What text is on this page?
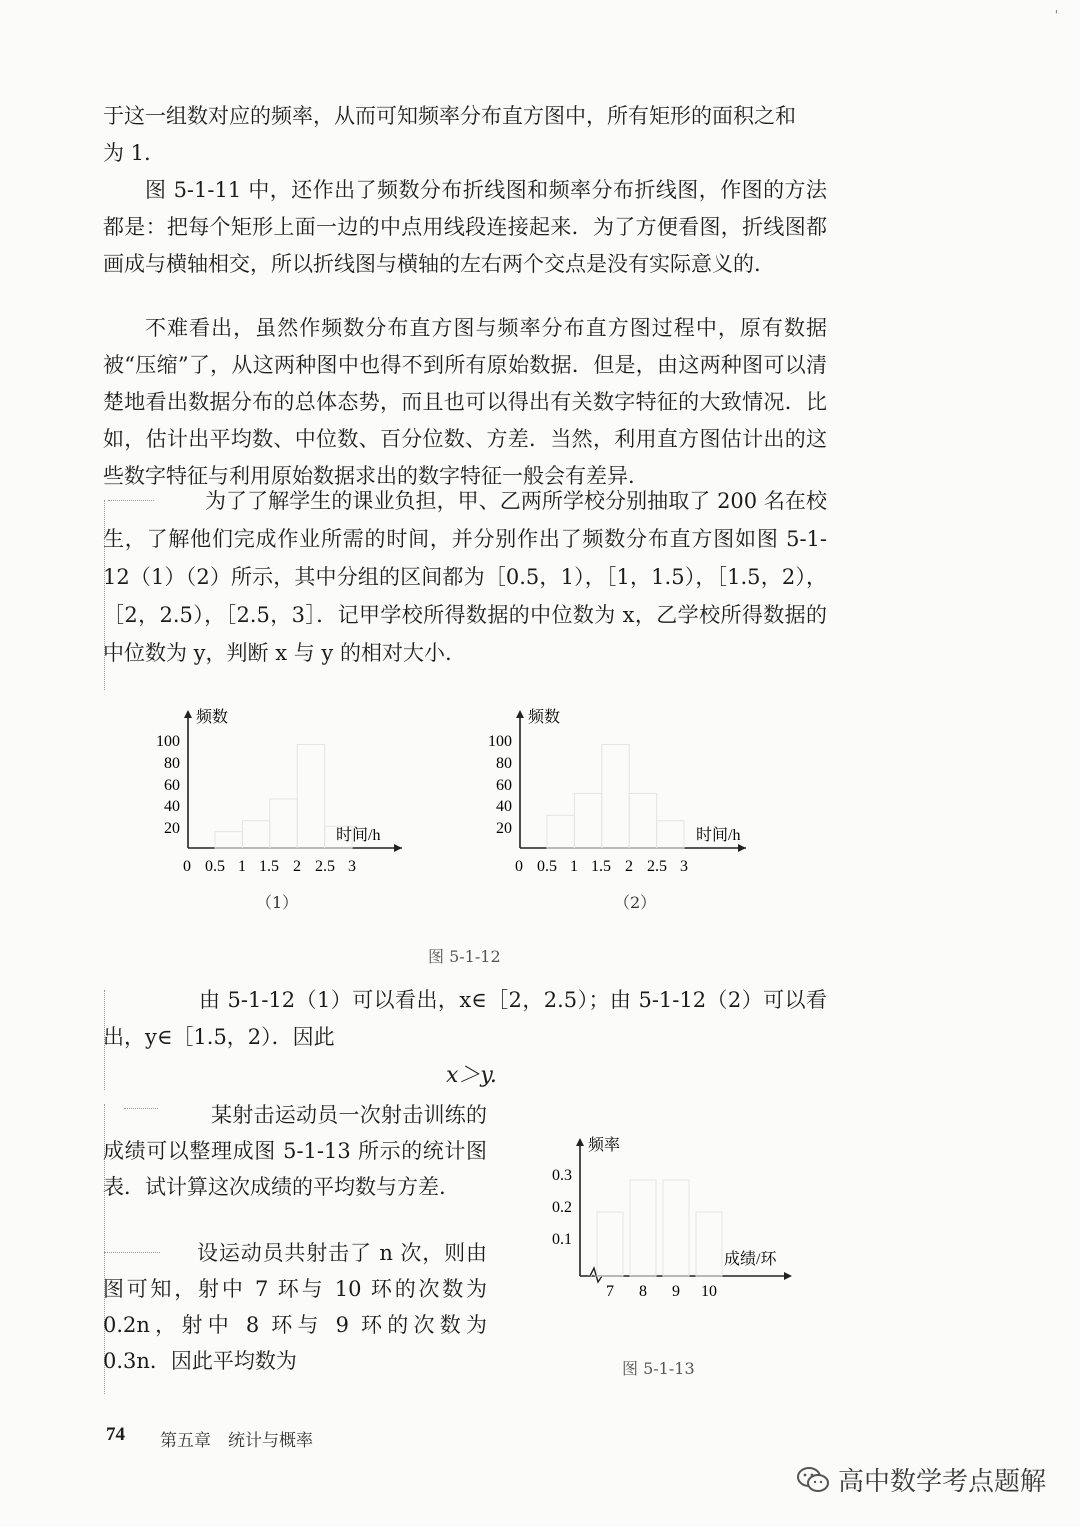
'

于这一组数对应的频率，从而可知频率分布直方图中，所有矩形的面积之和

为 1.

图 5-1-11 中，还作出了频数分布折线图和频率分布折线图，作图的方法都是：把每个矩形上面一边的中点用线段连接起来．为了方便看图，折线图都画成与横轴相交，所以折线图与横轴的左右两个交点是没有实际意义的.

不难看出，虽然作频数分布直方图与频率分布直方图过程中，原有数据被“压缩”了，从这两种图中也得不到所有原始数据．但是，由这两种图可以清楚地看出数据分布的总体态势，而且也可以得出有关数字特征的大致情况．比如，估计出平均数、中位数、百分位数、方差．当然，利用直方图估计出的这些数字特征与利用原始数据求出的数字特征一般会有差异.

为了了解学生的课业负担，甲、乙两所学校分别抽取了 200 名在校生，了解他们完成作业所需的时间，并分别作出了频数分布直方图如图 5-1-12（1）（2）所示，其中分组的区间都为［0.5，1），［1，1.5），［1.5，2），［2，2.5），［2.5，3］．记甲学校所得数据的中位数为 x，乙学校所得数据的中位数为 y，判断 x 与 y 的相对大小.

频数
时间/h
100
80
60
40
20
0 0.5 1 1.5 2 2.5 3
频数
时间/h
100
80
60
40
20
0 0.5 1 1.5 2 2.5 3
（1）	（2）
图 5-1-12

由 5-1-12（1）可以看出，x∈［2，2.5）；由 5-1-12（2）可以看出，y∈［1.5，2）．因此

x＞y.

某射击运动员一次射击训练的成绩可以整理成图 5-1-13 所示的统计图表．试计算这次成绩的平均数与方差.

设运动员共射击了 n 次，则由图可知，射中 7 环与 10 环的次数为 0.2n，射中 8 环与 9 环的次数为 0.3n．因此平均数为

频率
成绩/环
0.3
0.2
0.1
7 8 9 10
图 5-1-13
74 第五章　统计与概率
高中数学考点题解
